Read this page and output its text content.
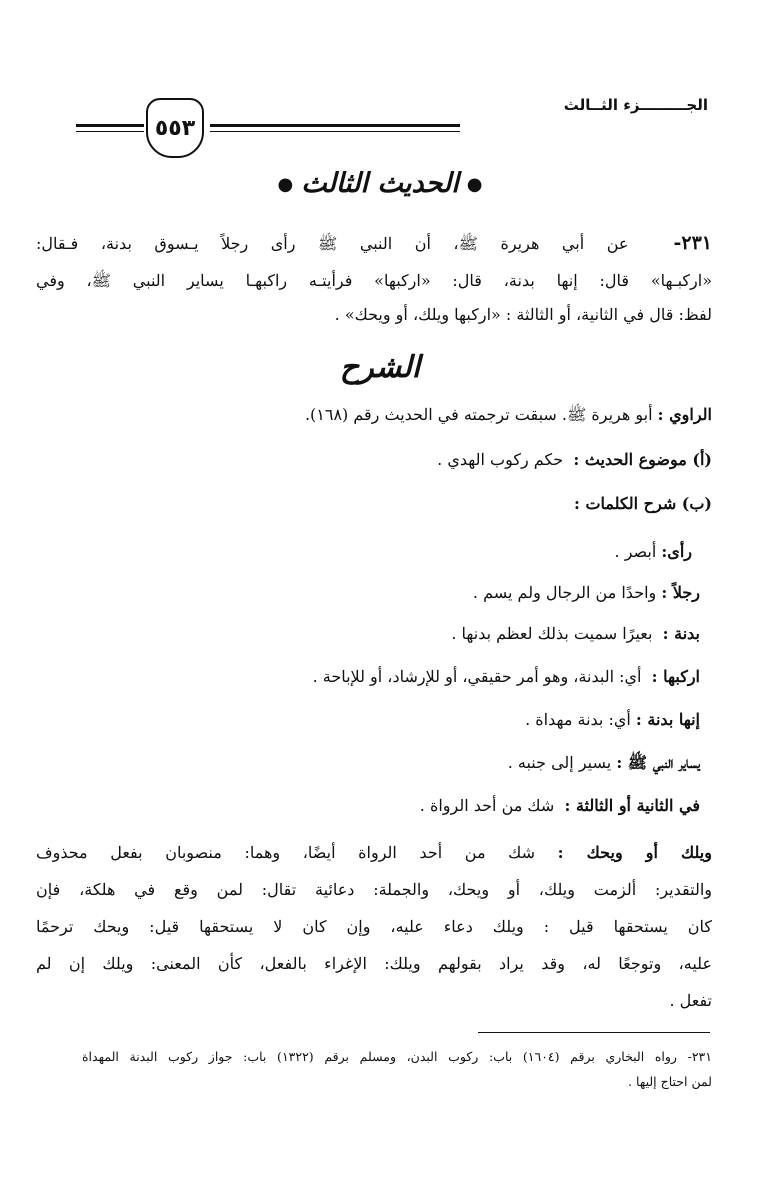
الجـــــــــزء الثــالث
٥٥٣
●الحديث الثالث●
٢٣١-  عن أبي هريرة ﷺ، أن النبي ﷺ رأى رجلاً يـسوق بدنة، فـقال:
«اركبـها» قال: إنها بدنة، قال: «اركبها» فرأيتـه راكبهـا يساير النبي ﷺ، وفي
لفظ: قال في الثانية، أو الثالثة : «اركبها ويلك، أو ويحك» .
الشرح
الراوي : أبو هريرة ﷺ. سبقت ترجمته في الحديث رقم (١٦٨).
(أ) موضوع الحديث :  حكم ركوب الهدي .
(ب) شرح الكلمات :
رأى: أبصر .
رجلاً : واحدًا من الرجال ولم يسم .
بدنة :  بعيرًا سميت بذلك لعظم بدنها .
اركبها :  أي: البدنة، وهو أمر حقيقي، أو للإرشاد، أو للإباحة .
إنها بدنة : أي: بدنة مهداة .
يساير النبي ﷺ : يسير إلى جنبه .
في الثانية أو الثالثة :  شك من أحد الرواة .
ويلك أو ويحك : شك من أحد الرواة أيضًا، وهما: منصوبان بفعل محذوف
والتقدير: ألزمت ويلك، أو ويحك، والجملة: دعائية تقال: لمن وقع في هلكة، فإن
كان يستحقها قيل : ويلك دعاء عليه، وإن كان لا يستحقها قيل: ويحك ترحمًا
عليه، وتوجعًا له، وقد يراد بقولهم ويلك: الإغراء بالفعل، كأن المعنى: ويلك إن لم
تفعل .
٢٣١- رواه البخاري برقم (١٦٠٤) باب: ركوب البدن، ومسلم برقم (١٣٢٢) باب: جواز ركوب البدنة المهداة
لمن احتاج إليها .
